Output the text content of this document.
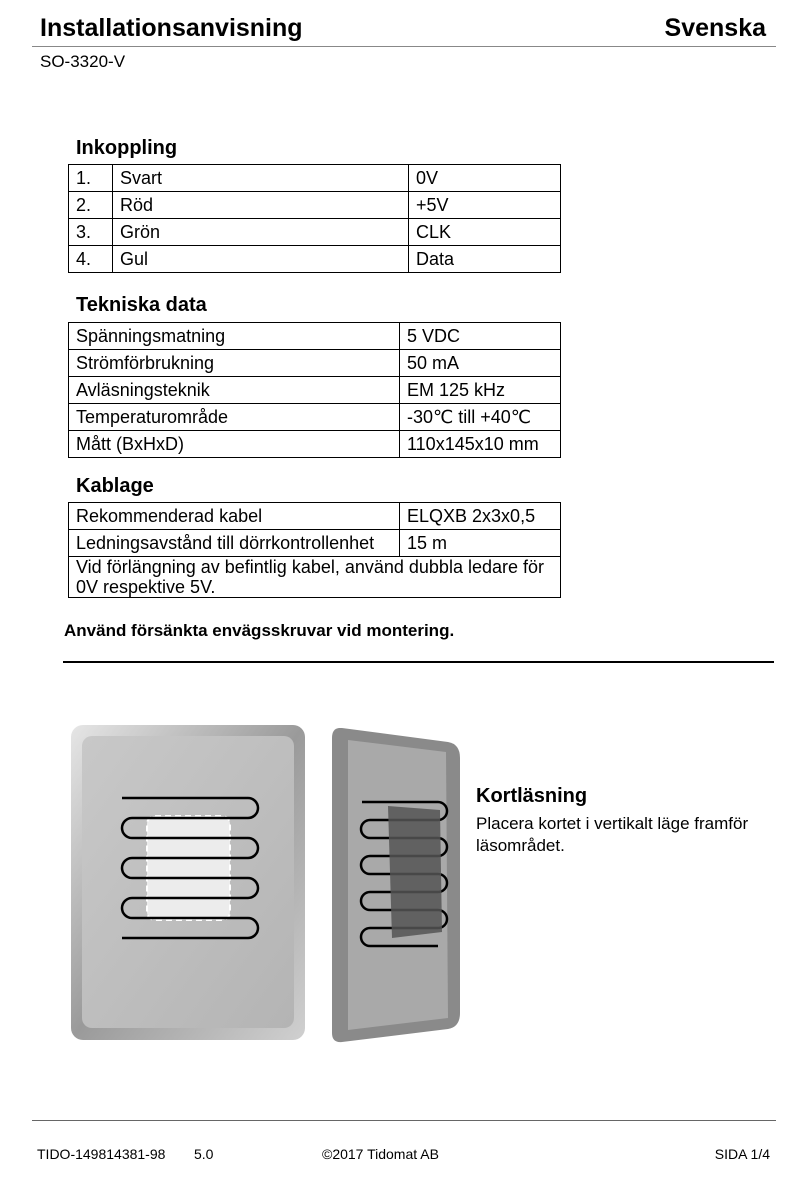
Installationsanvisning	Svenska
SO-3320-V
Inkoppling
1.	Svart	0V
2.	Röd	+5V
3.	Grön	CLK
4.	Gul	Data
Tekniska data
Spänningsmatning	5 VDC
Strömförbrukning	50 mA
Avläsningsteknik	EM 125 kHz
Temperaturområde	-30℃ till +40℃
Mått (BxHxD)	110x145x10 mm
Kablage
Rekommenderad kabel	ELQXB 2x3x0,5
Ledningsavstånd till dörrkontrollenhet	15 m
Vid förlängning av befintlig kabel, använd dubbla ledare för 0V respektive 5V.	
Använd försänkta envägsskruvar vid montering.
Kortläsning
Placera kortet i vertikalt läge framför läsområdet.
TIDO-149814381-98 5.0	©2017 Tidomat AB	SIDA 1/4
